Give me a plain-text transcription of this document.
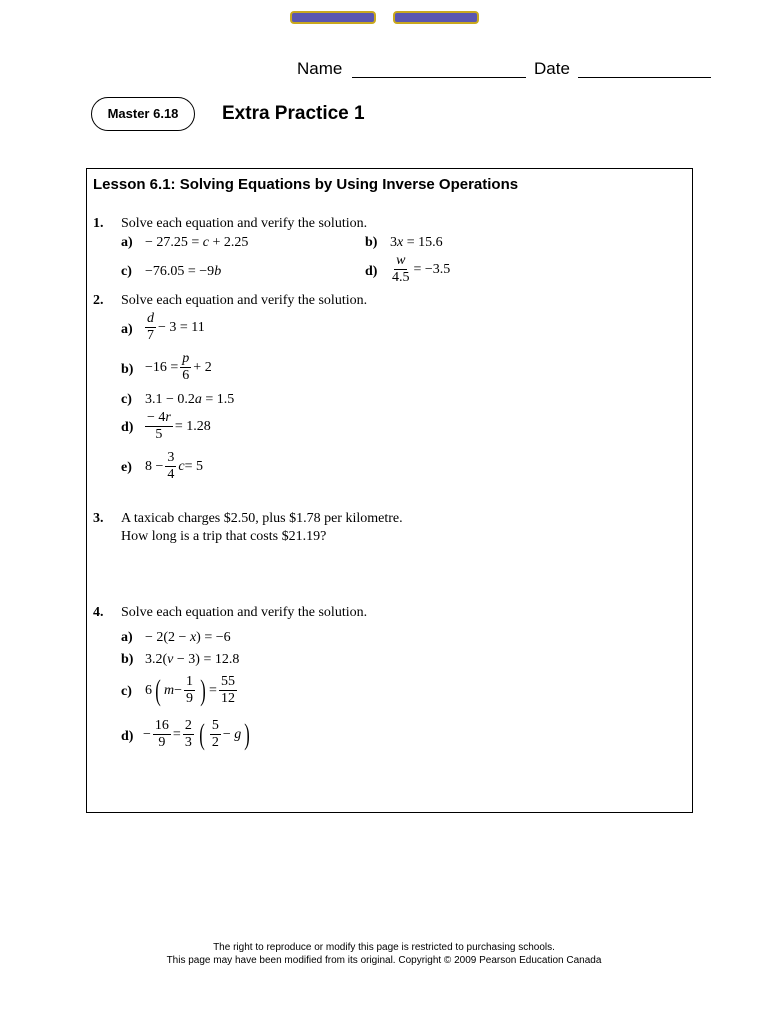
Name	Date
Master 6.18	Extra Practice 1
Lesson 6.1: Solving Equations by Using Inverse Operations
1. Solve each equation and verify the solution.
a) − 27.25 = c + 2.25	b) 3x = 15.6
c) −76.05 = −9b	$d) \frac{w}{4.5} = -3.5$
2. Solve each equation and verify the solution.
$a) \frac{d}{7} - 3 = 11$
$b) -16 = \frac{p}{6} + 2$
c) 3.1 − 0.2a = 1.5
$d) \frac{- 4r}{5} = 1.28$
e) $8 - \frac{3}{4}$ c = 5
3. A taxicab charges $2.50, plus $1.78 per kilometre.
How long is a trip that costs $21.19?
4. Solve each equation and verify the solution.
a) − 2(2 − x) = −6
b) 3.2(v − 3) = 12.8
c) 6 ( $m - \frac{1}{9}$ ) = $\frac{55}{12}$
$d) - \frac{16}{9} = \frac{2}{3}$ ( $\frac{5}{2}$ −
g )
The right to reproduce or modify this page is restricted to purchasing schools.
This page may have been modified from its original. Copyright © 2009 Pearson Education Canada
